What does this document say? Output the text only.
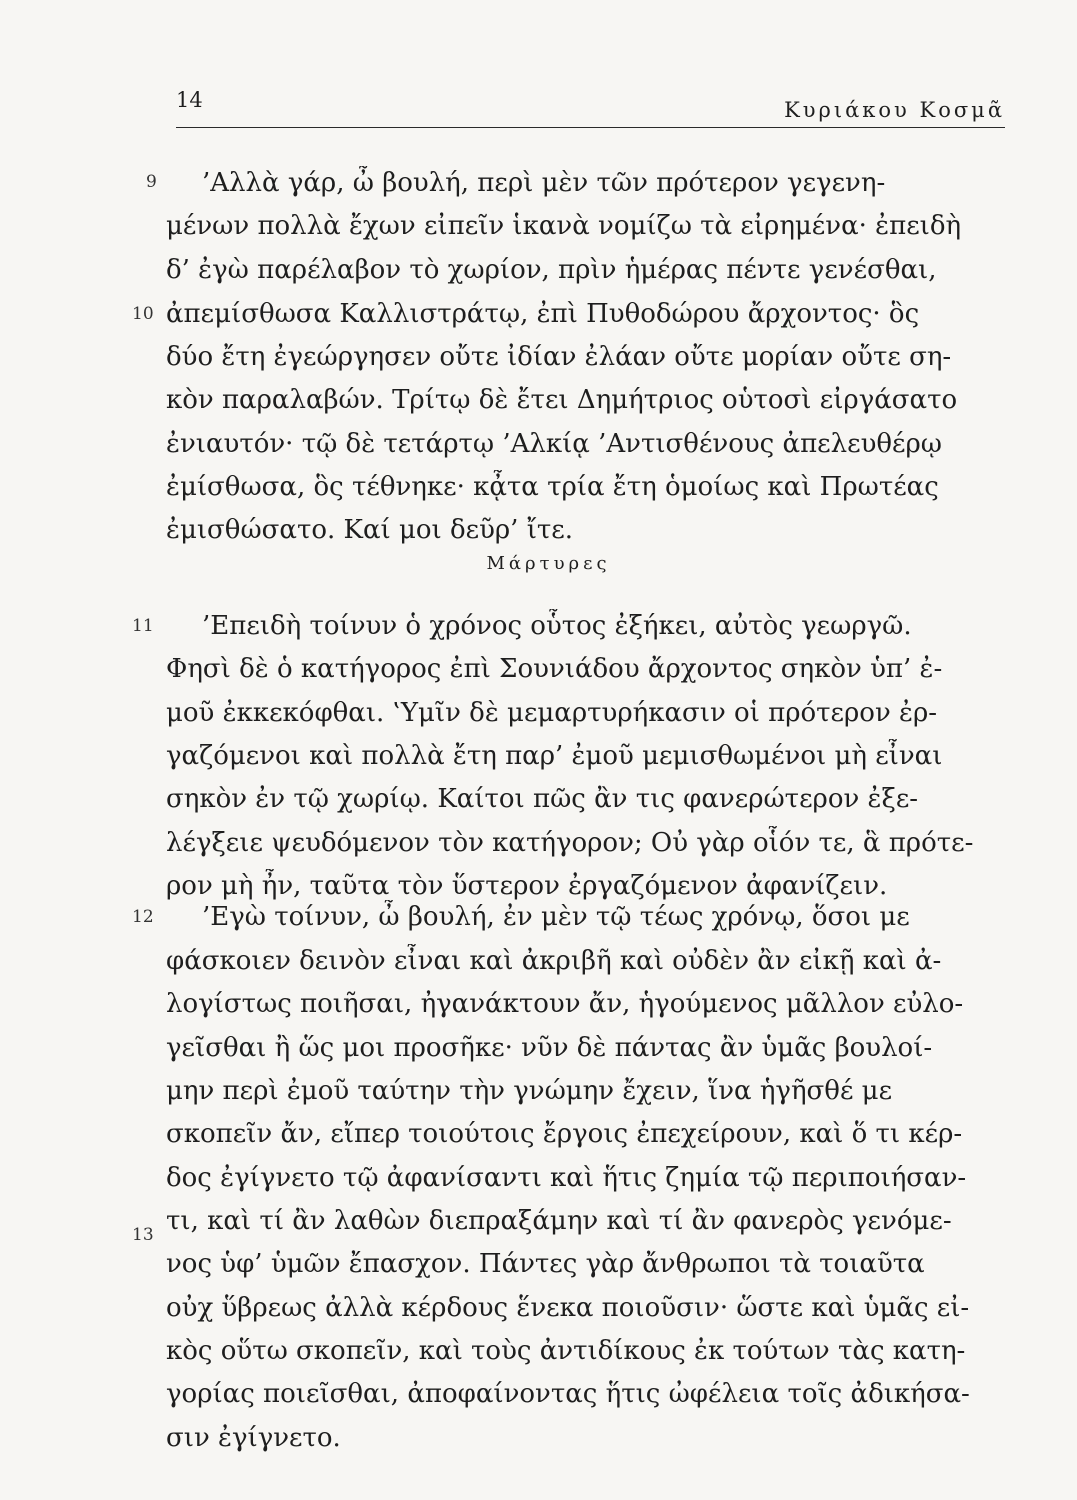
14	Κυριάκου Κοσμᾶ
9
10
11
12
13
’Αλλὰ γάρ, ὦ βουλή, περὶ μὲν τῶν πρότερον γεγενη-
μένων πολλὰ ἔχων εἰπεῖν ἱκανὰ νομίζω τὰ εἰρημένα· ἐπειδὴ
δ’ ἐγὼ παρέλαβον τὸ χωρίον, πρὶν ἡμέρας πέντε γενέσθαι,
ἀπεμίσθωσα Καλλιστράτῳ, ἐπὶ Πυθοδώρου ἄρχοντος· ὃς
δύο ἔτη ἐγεώργησεν οὔτε ἰδίαν ἐλάαν οὔτε μορίαν οὔτε ση-
κὸν παραλαβών. Τρίτῳ δὲ ἔτει Δημήτριος οὑτοσὶ εἰργάσατο
ἐνιαυτόν· τῷ δὲ τετάρτῳ ’Αλκίᾳ ’Αντισθένους ἀπελευθέρῳ
ἐμίσθωσα, ὃς τέθνηκε· κᾆτα τρία ἔτη ὁμοίως καὶ Πρωτέας
ἐμισθώσατο. Καί μοι δεῦρ’ ἴτε.
Μάρτυρες
’Επειδὴ τοίνυν ὁ χρόνος οὗτος ἐξήκει, αὐτὸς γεωργῶ.
Φησὶ δὲ ὁ κατήγορος ἐπὶ Σουνιάδου ἄρχοντος σηκὸν ὑπ’ ἐ-
μοῦ ἐκκεκόφθαι. ‛Υμῖν δὲ μεμαρτυρήκασιν οἱ πρότερον ἐρ-
γαζόμενοι καὶ πολλὰ ἔτη παρ’ ἐμοῦ μεμισθωμένοι μὴ εἶναι
σηκὸν ἐν τῷ χωρίῳ. Καίτοι πῶς ἂν τις φανερώτερον ἐξε-
λέγξειε ψευδόμενον τὸν κατήγορον; Οὐ γὰρ οἷόν τε, ἃ πρότε-
ρον μὴ ἦν, ταῦτα τὸν ὕστερον ἐργαζόμενον ἀφανίζειν.
’Εγὼ τοίνυν, ὦ βουλή, ἐν μὲν τῷ τέως χρόνῳ, ὅσοι με
φάσκοιεν δεινὸν εἶναι καὶ ἀκριβῆ καὶ οὐδὲν ἂν εἰκῇ καὶ ἀ-
λογίστως ποιῆσαι, ἠγανάκτουν ἄν, ἡγούμενος μᾶλλον εὐλο-
γεῖσθαι ἢ ὥς μοι προσῆκε· νῦν δὲ πάντας ἂν ὑμᾶς βουλοί-
μην περὶ ἐμοῦ ταύτην τὴν γνώμην ἔχειν, ἵνα ἡγῆσθέ με
σκοπεῖν ἄν, εἴπερ τοιούτοις ἔργοις ἐπεχείρουν, καὶ ὅ τι κέρ-
δος ἐγίγνετο τῷ ἀφανίσαντι καὶ ἥτις ζημία τῷ περιποιήσαν-
τι, καὶ τί ἂν λαθὼν διεπραξάμην καὶ τί ἂν φανερὸς γενόμε-
νος ὑφ’ ὑμῶν ἔπασχον. Πάντες γὰρ ἄνθρωποι τὰ τοιαῦτα
οὐχ ὕβρεως ἀλλὰ κέρδους ἕνεκα ποιοῦσιν· ὥστε καὶ ὑμᾶς εἰ-
κὸς οὕτω σκοπεῖν, καὶ τοὺς ἀντιδίκους ἐκ τούτων τὰς κατη-
γορίας ποιεῖσθαι, ἀποφαίνοντας ἥτις ὠφέλεια τοῖς ἀδικήσα-
σιν ἐγίγνετο.
